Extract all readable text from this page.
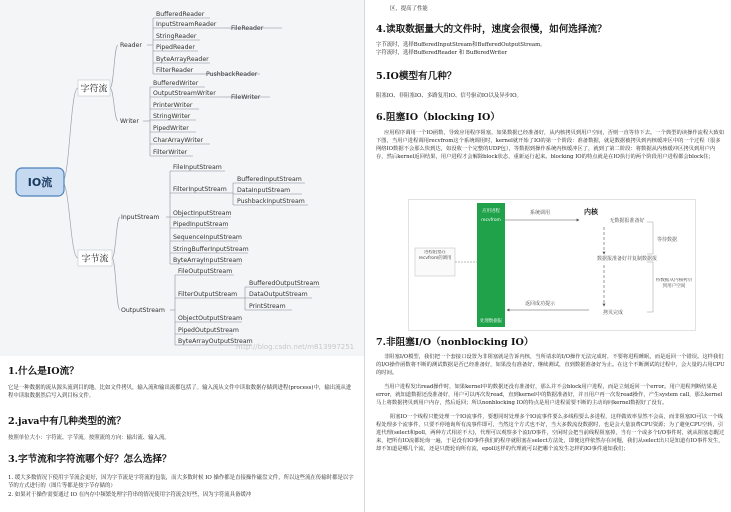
IO流
字符流
字节流
Reader
Writer
InputStream
OutputStream
BufferedReader
InputStreamReader
StringReader
PipedReader
ByteArrayReader
FilterReader
FileReader
PushbackReader
BufferedWriter
OutputStreamWriter
PrinterWriter
StringWriter
PipedWriter
CharArrayWriter
FilterWriter
FileWriter
FileInputStream
FilterInputStream
ObjectInputStream
PipedInputStream
SequenceInputStream
StringBufferInputStream
ByteArrayInputStream
BufferedInputStream
DataInputStream
PushbackInputStream
FileOutputStream
FilterOutputStream
ObjectOutputStream
PipedOutputStream
ByteArrayOutputStream
BufferedOutputStream
DataOutputStream
PrintStream
http://blog.csdn.net/m813997251
1.什么是IO流？

它是一种数据的流从源头流到目的地。比如文件拷贝，输入流和输出流都包括了。输入流从文件中读取数据存储到进程(process)中，输出流从进程中读取数据然后写入到目标文件。

2.java中有几种类型的流？

按照单位大小：字符流、字节流。按照流的方向：输出流、输入流。

3.字节流和字符流哪个好？怎么选择？

1. 缓大多数情况下使用字节流会更好，因为字节流是字符流的包装，而大多数时候 IO 操作都是直接操作磁盘文件，所以这些流在传输时都是以字节的方式进行的（图片等都是按字节存储的）

2. 如果对于操作需要通过 IO 在内存中频繁处理字符串的情况使用字符流会好些，因为字符流具备缓冲

区，提高了性能

4.读取数据量大的文件时，速度会很慢，如何选择流？

字节流时，选择BufferedInputStream和BufferedOutputStream。

字符流时，选择BufferedReader 和 BufferedWriter

5.IO模型有几种？

阻塞IO、非阻塞IO、多路复用IO、信号驱动IO以及异步IO。

6.阻塞IO（blocking IO）

应用程序调用一个IO函数，导致应用程序阻塞，如果数据已经准备好，从内核拷贝到用户空间，否则一直等待下去。一个典型的读操作流程大致如下图，当用户进程调用recvfrom这个系统调用时，kernel就开始了IO的第一个阶段：准备数据，就是数据被拷贝到内核缓冲区中的一个过程（很多网络IO数据不会那么快到达，如没收一个完整的UDP包），等数据到操作系统内核缓冲区了，就到了第二阶段：将数据从内核缓冲区拷贝到用户内存，然后kernel返回结果，用户进程才会解除block状态，重新运行起来。blocking IO的特点就是在IO执行的两个阶段用户进程都会block住；

应用进程
recvfrom
处理数据报
进程阻塞在recvfrom的调用
内核
系统调用
无数据报准备好
数据报准备好并复制数据报
拷贝完成
等待数据
将数据从内核拷贝到用户空间
返回成功提示
7.非阻塞I/O（nonblocking IO）

非阻塞I/O模型，我们把一个套接口设置为非阻塞就是告诉内核，当所请求的I/O操作无法完成时，不要将进程睡眠，而是返回一个错误。这样我们的I/O操作函数将不断的测试数据是否已经准备好，如果没有准备好，继续测试，直到数据准备好为止。在这个不断测试的过程中，会大量的占用CPU的时间。

当用户进程发出read操作时，如果kernel中的数据还没有准备好，那么并不会block用户进程，而是立刻返回一个error。用户进程判断结果是error，就知道数据还没准备好，用户可以再次发read，直到kernel中的数据准备好，并且用户再一次发read操作，产生system call，那么kernel马上将数据拷贝到用户内存，然后返回；所以nonblocking IO的特点是用户进程需要不断的主动询问kernel数据好了没有。

阻塞IO一个线程只能处理一个IO流事件，要想同时处理多个IO流事件要么多线程要么多进程，这样做效率显然不会高，而非阻塞IO可以一个线程处理多个流事件，只要不停地询所有流事件即可，当然这个方式也不好，当大多数流没数据时，也是会大量浪费CPU资源；为了避免CPU空转，引进代理(select和poll，两种方式相差不大)，代理可以观察多个流I/O事件，空闲时会把当前线程阻塞掉，当有一个或多个I/O事件时，就从阻塞态醒过来，把所有IO流都轮询一遍，于是没有IO事件我们的程序就阻塞在select方法处，即便这样依然存在问题，我们从select出只是知道有IO事件发生，却不知道是哪几个流，还是只能轮询所有流，epoll这样的代理就可以把哪个流发生怎样的IO事件通知我们；
